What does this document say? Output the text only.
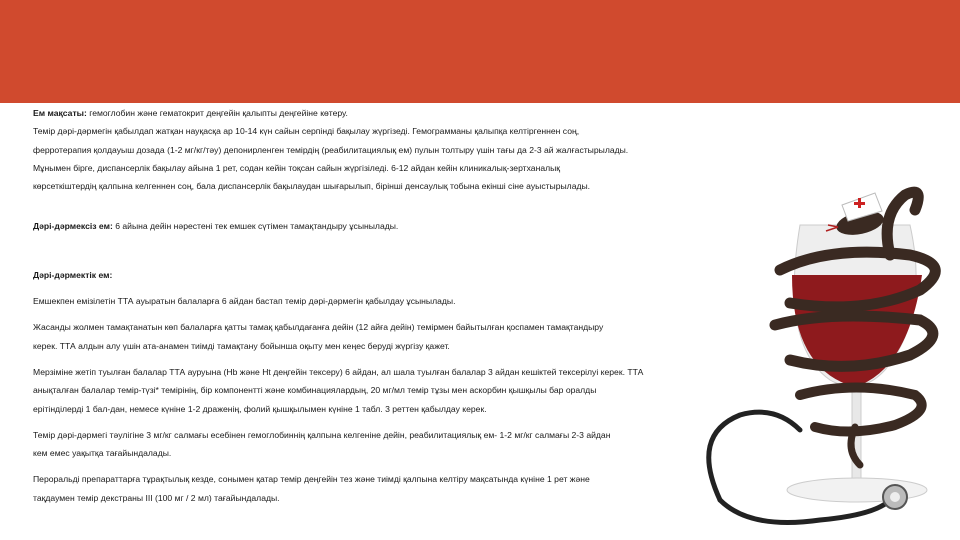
Ем мақсаты: гемоглобин және гематокрит деңгейін қалыпты деңгейіне көтеру.

Темір дәрі-дәрмегін қабылдап жатқан науқасқа ар 10-14 күн сайын серпінді бақылау жүргізеді. Гемограмманы қалыпқа келтіргеннен соң,

ферротерапия қолдауыш дозада (1-2 мг/кг/тәу) депонирленген темірдің (реабилитациялық ем) пулын толтыру үшін тағы да 2-3 ай жалғастырылады.

Мұнымен бірге, диспансерлік бақылау айына 1 рет, содан кейін тоқсан сайын жүргізіледі. 6-12 айдан кейін клиникалық-зертханалық

көрсеткіштердің қалпына келгеннен соң, бала диспансерлік бақылаудан шығарылып, бірінші денсаулық тобына екінші сіне ауыстырылады.

Дәрі-дәрмексіз ем: 6 айына дейін нәрестені тек емшек сүтімен тамақтандыру ұсынылады.

Дәрі-дәрмектік ем:

Емшекпен емізілетін ТТА ауыратын балаларға 6 айдан бастап темір дәрі-дәрмегін қабылдау ұсынылады.

Жасанды жолмен тамақтанатын көп балаларға қатты тамақ қабылдағанға дейін (12 айға дейін) темірмен байытылған қоспамен тамақтандыру

керек. ТТА алдын алу үшін ата-анамен тиімді тамақтану бойынша оқыту мен кеңес беруді жүргізу қажет.

Мерзіміне жетіп туылған балалар ТТА ауруына (Hb және Ht деңгейін тексеру) 6 айдан, ал шала туылған балалар 3 айдан кешіктей тексерілуі керек. ТТА

анықталған балалар темір-түзі* темірінің, бір компонентті және комбинациялардың, 20 мг/мл темір тұзы мен аскорбин қышқылы бар оралды

ерітінділерді 1 бал-дан, немесе күніне 1-2 драженің, фолий қышқылымен күніне 1 табл. 3 реттен қабылдау керек.

Темір дәрі-дәрмегі тәулігіне 3 мг/кг салмағы есебінен гемоглобиннің қалпына келгеніне дейін, реабилитациялық ем- 1-2 мг/кг салмағы 2-3 айдан

кем емес уақытқа тағайындалады.

Пероральді препараттарға тұрақтылық кезде, сонымен қатар темір деңгейін тез және тиімді қалпына келтіру мақсатында күніне 1 рет және

тақдаумен темір декстраны III (100 мг / 2 мл) тағайындалады.
